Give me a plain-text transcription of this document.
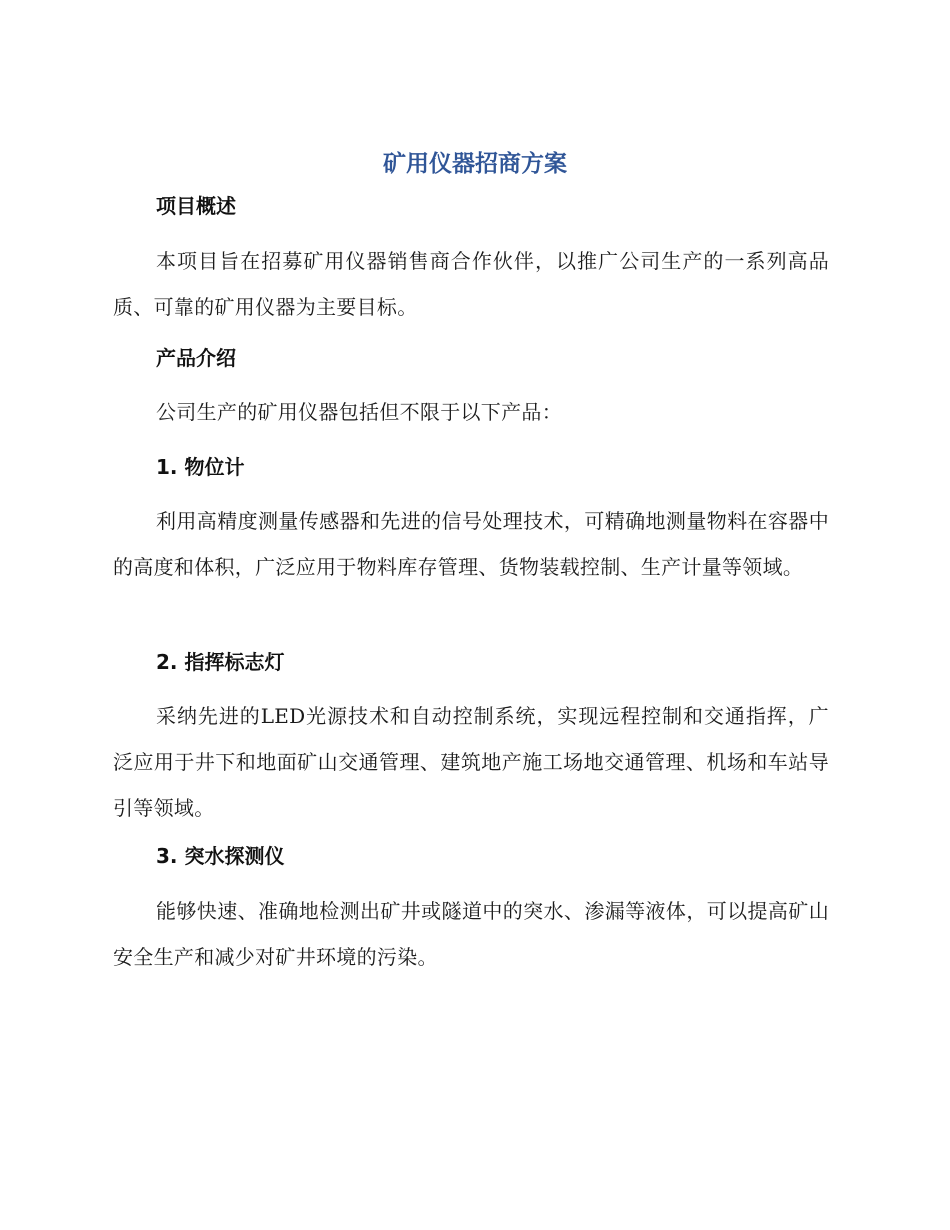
矿用仪器招商方案
项目概述
本项目旨在招募矿用仪器销售商合作伙伴，以推广公司生产的一系列高品质、可靠的矿用仪器为主要目标。
产品介绍
公司生产的矿用仪器包括但不限于以下产品：
1. 物位计
利用高精度测量传感器和先进的信号处理技术，可精确地测量物料在容器中的高度和体积，广泛应用于物料库存管理、货物装载控制、生产计量等领域。
2. 指挥标志灯
采纳先进的LED光源技术和自动控制系统，实现远程控制和交通指挥，广泛应用于井下和地面矿山交通管理、建筑地产施工场地交通管理、机场和车站导引等领域。
3. 突水探测仪
能够快速、准确地检测出矿井或隧道中的突水、渗漏等液体，可以提高矿山安全生产和减少对矿井环境的污染。
